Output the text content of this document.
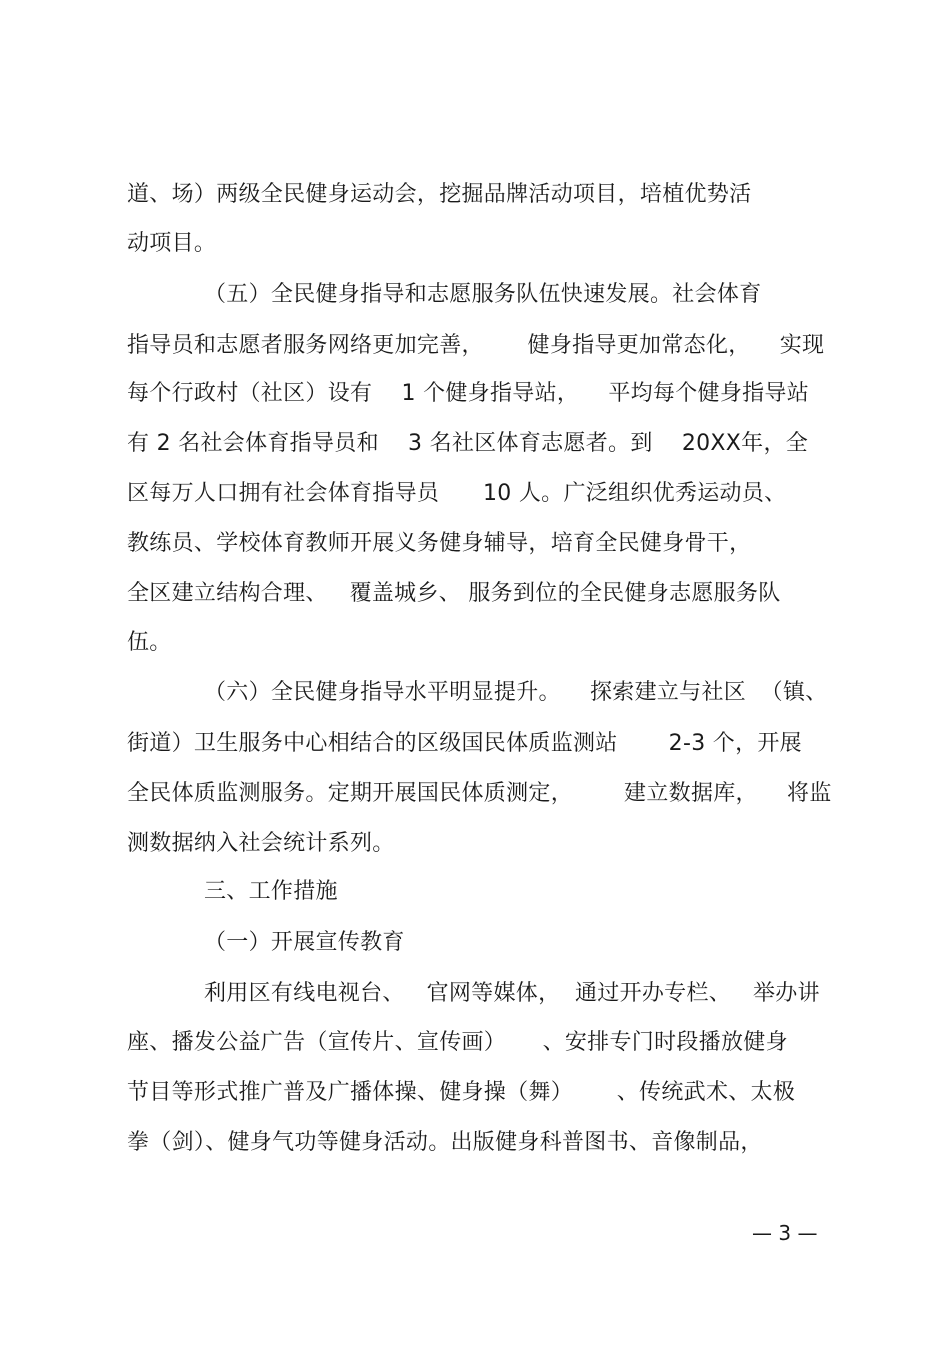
道、场）两级全民健身运动会，挖掘品牌活动项目，培植优势活
动项目。
（五）全民健身指导和志愿服务队伍快速发展。社会体育
指导员和志愿者服务网络更加完善，      健身指导更加常态化，    实现
每个行政村（社区）设有    1 个健身指导站，    平均每个健身指导站
有 2 名社会体育指导员和    3 名社区体育志愿者。到    20XX年，全
区每万人口拥有社会体育指导员      10 人。广泛组织优秀运动员、
教练员、学校体育教师开展义务健身辅导，培育全民健身骨干，
全区建立结构合理、   覆盖城乡、 服务到位的全民健身志愿服务队
伍。
（六）全民健身指导水平明显提升。    探索建立与社区  （镇、
街道）卫生服务中心相结合的区级国民体质监测站       2-3 个，开展
全民体质监测服务。定期开展国民体质测定，       建立数据库，    将监
测数据纳入社会统计系列。
三、工作措施
（一）开展宣传教育
利用区有线电视台、   官网等媒体，  通过开办专栏、   举办讲
座、播发公益广告（宣传片、宣传画）     、安排专门时段播放健身
节目等形式推广普及广播体操、健身操（舞）      、传统武术、太极
拳（剑）、健身气功等健身活动。出版健身科普图书、音像制品，
— 3 —
